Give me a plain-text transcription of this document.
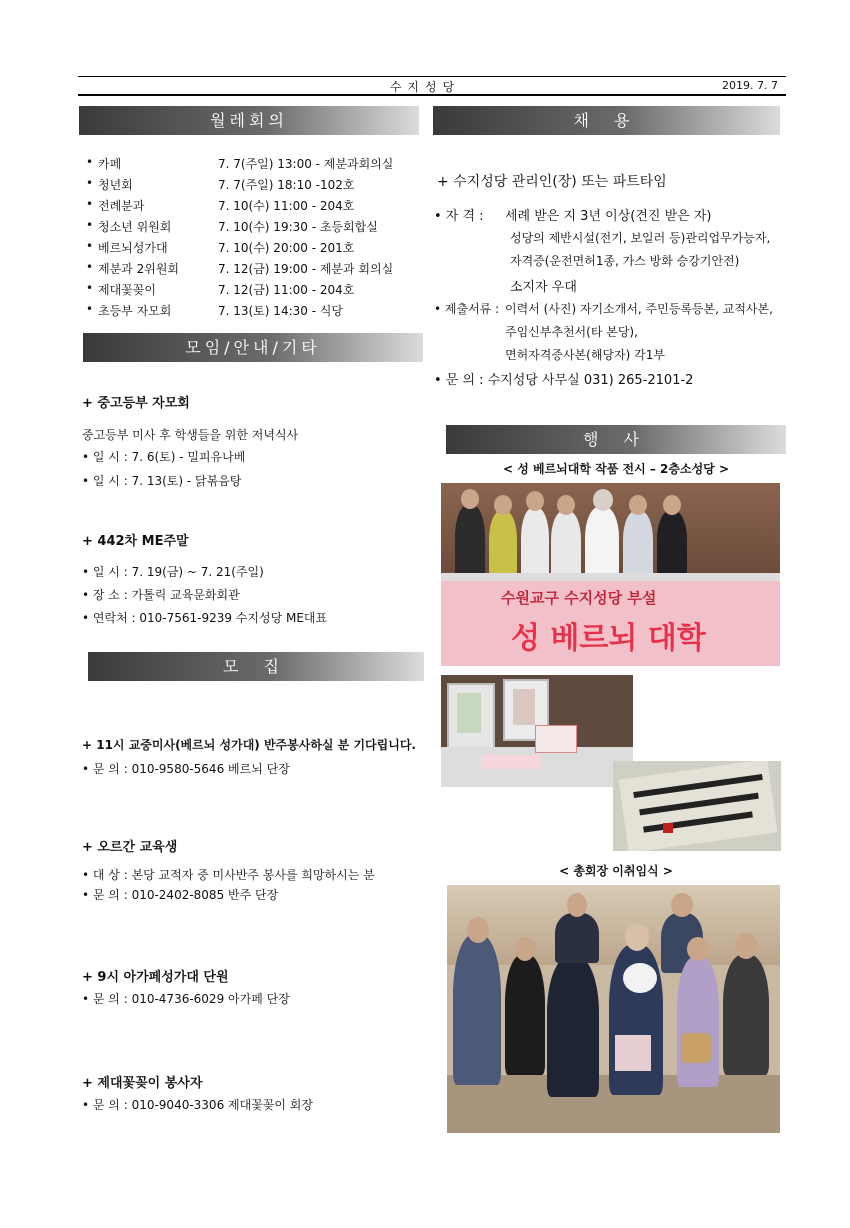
수지성당	2019. 7. 7
월레회의
• 카페	7. 7(주일) 13:00 - 제분과회의실
• 청년회	7. 7(주일) 18:10 -102호
• 전례분과	7. 10(수) 11:00 - 204호
• 청소년 위원회	7. 10(수) 19:30 - 초등회합실
• 베르뇌성가대	7. 10(수) 20:00 - 201호
• 제분과 2위원회	7. 12(금) 19:00 - 제분과 회의실
• 제대꽃꽂이	7. 12(금) 11:00 - 204호
• 초등부 자모회	7. 13(토) 14:30 - 식당
모임/안내/기타
+ 중고등부 자모회
중고등부 미사 후 학생들을 위한 저녁식사
• 일 시 : 7. 6(토) - 밀피유나베
• 일 시 : 7. 13(토) - 닭볶음탕
+ 442차 ME주말
• 일 시 : 7. 19(금) ~ 7. 21(주일)
• 장 소 : 가톨릭 교육문화회관
• 연락처 : 010-7561-9239 수지성당 ME대표
모 집
+ 11시 교중미사(베르뇌 성가대) 반주봉사하실 분 기다립니다.
• 문 의 : 010-9580-5646 베르뇌 단장
+ 오르간 교육생
• 대 상 : 본당 교적자 중 미사반주 봉사를 희망하시는 분
• 문 의 : 010-2402-8085 반주 단장
+ 9시 아가페성가대 단원
• 문 의 : 010-4736-6029 아가페 단장
+ 제대꽃꽂이 봉사자
• 문 의 : 010-9040-3306 제대꽃꽂이 회장
채 용
+ 수지성당 관리인(장) 또는 파트타임
• 자 격 : 세례 받은 지 3년 이상(견진 받은 자)
성당의 제반시설(전기, 보일러 등)관리업무가능자,
자격증(운전면허1종, 가스 방화 승강기안전)
소지자 우대
• 제출서류 : 이력서 (사진) 자기소개서, 주민등록등본, 교적사본,
주임신부추천서(타 본당),
면허자격증사본(해당자) 각1부
• 문 의 : 수지성당 사무실 031) 265-2101-2
행 사
< 성 베르뇌대학 작품 전시 – 2층소성당 >
수원교구 수지성당 부설
성 베르뇌 대학
< 총회장 이취임식 >
